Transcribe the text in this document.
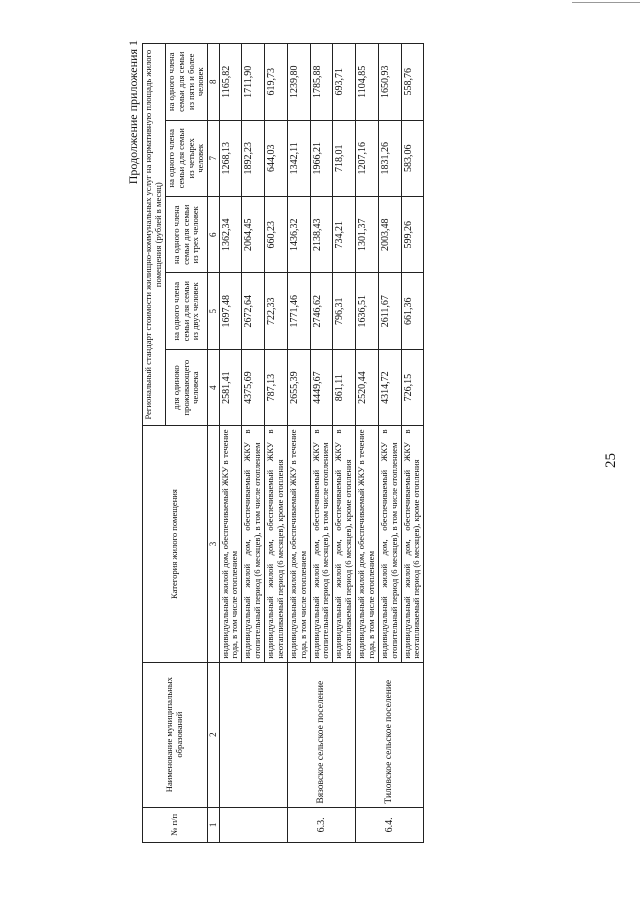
25
Продолжение приложения 1
№ п/п	Наименование муниципальных образований	Категория жилого помещения	Региональный стандарт стоимости жилищно-коммунальных услуг на нормативную площадь жилого помещения (рублей в месяц)				
			для одиноко проживающего человека	на одного члена семьи для семьи из двух человек	на одного члена семьи для семьи из трех человек	на одного члена семьи для семьи из четырех человек	на одного члена семьи для семьи из пяти и более человек
1	2	3	4	5	6	7	8
		индивидуальный жилой дом, обеспечиваемый ЖКУ в течение года, в том числе отоплением	2581,41	1697,48	1362,34	1268,13	1165,82
		индивидуальный жилой дом, обеспечиваемый ЖКУ в отопительный период (6 месяцев), в том числе отоплением	4375,69	2672,64	2064,45	1892,23	1711,90
		индивидуальный жилой дом, обеспечиваемый ЖКУ в неотапливаемый период (6 месяцев), кроме отопления	787,13	722,33	660,23	644,03	619,73
6.3.	Вязовское сельское поселение	индивидуальный жилой дом, обеспечиваемый ЖКУ в течение года, в том числе отоплением	2655,39	1771,46	1436,32	1342,11	1239,80
		индивидуальный жилой дом, обеспечиваемый ЖКУ в отопительный период (6 месяцев), в том числе отоплением	4449,67	2746,62	2138,43	1966,21	1785,88
		индивидуальный жилой дом, обеспечиваемый ЖКУ в неотапливаемый период (6 месяцев), кроме отопления	861,11	796,31	734,21	718,01	693,71
6.4.	Тиловское сельское поселение	индивидуальный жилой дом, обеспечиваемый ЖКУ в течение года, в том числе отоплением	2520,44	1636,51	1301,37	1207,16	1104,85
		индивидуальный жилой дом, обеспечиваемый ЖКУ в отопительный период (6 месяцев), в том числе отоплением	4314,72	2611,67	2003,48	1831,26	1650,93
		индивидуальный жилой дом, обеспечиваемый ЖКУ в неотапливаемый период (6 месяцев), кроме отопления	726,15	661,36	599,26	583,06	558,76
